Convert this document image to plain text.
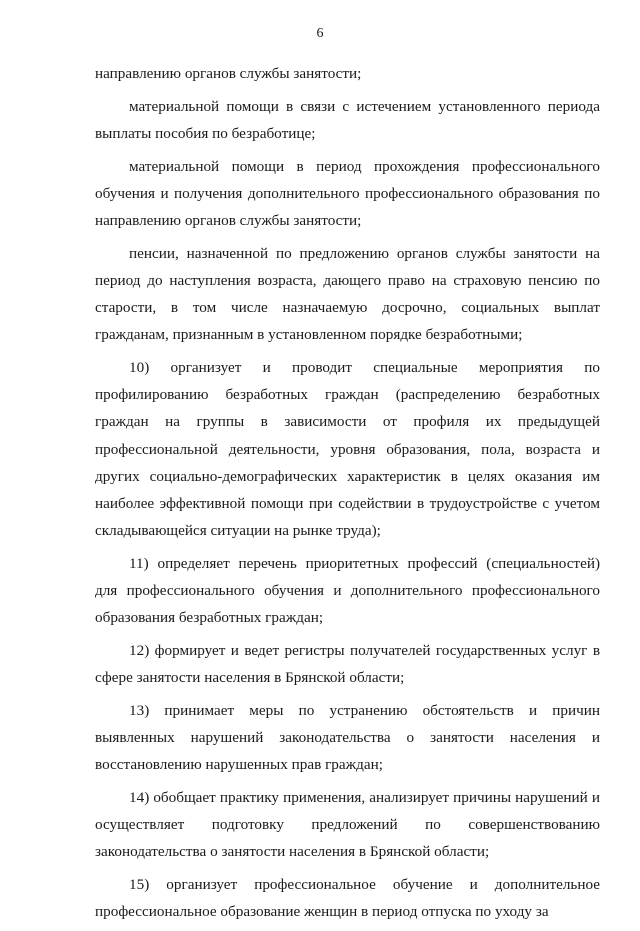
6

направлению органов службы занятости;

материальной помощи в связи с истечением установленного периода выплаты пособия по безработице;

материальной помощи в период прохождения профессионального обучения и получения дополнительного профессионального образования по направлению органов службы занятости;

пенсии, назначенной по предложению органов службы занятости на период до наступления возраста, дающего право на страховую пенсию по старости, в том числе назначаемую досрочно, социальных выплат гражданам, признанным в установленном порядке безработными;

10) организует и проводит специальные мероприятия по профилированию безработных граждан (распределению безработных граждан на группы в зависимости от профиля их предыдущей профессиональной деятельности, уровня образования, пола, возраста и других социально-демографических характеристик в целях оказания им наиболее эффективной помощи при содействии в трудоустройстве с учетом складывающейся ситуации на рынке труда);

11) определяет перечень приоритетных профессий (специальностей) для профессионального обучения и дополнительного профессионального образования безработных граждан;

12) формирует и ведет регистры получателей государственных услуг в сфере занятости населения в Брянской области;

13) принимает меры по устранению обстоятельств и причин выявленных нарушений законодательства о занятости населения и восстановлению нарушенных прав граждан;

14) обобщает практику применения, анализирует причины нарушений и осуществляет подготовку предложений по совершенствованию законодательства о занятости населения в Брянской области;

15) организует профессиональное обучение и дополнительное профессиональное образование женщин в период отпуска по уходу за
